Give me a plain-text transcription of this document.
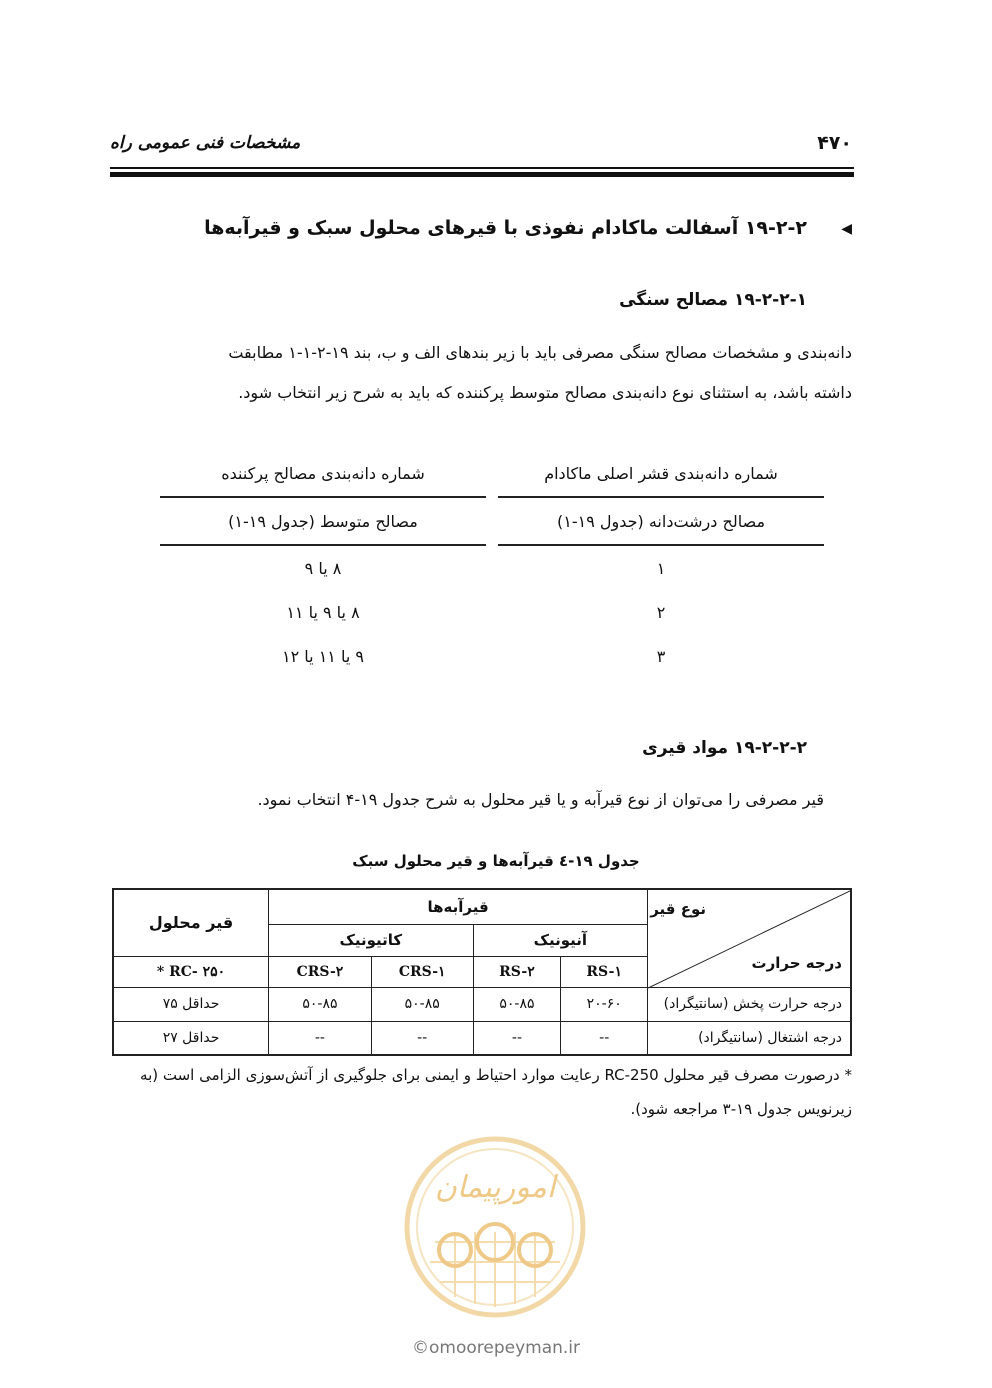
مشخصات فنی عمومی راه	۴۷۰
◀
۱۹-۲-۲ آسفالت ماکادام نفوذی با قیرهای محلول سبک و قیرآبه‌ها
۱۹-۲-۲-۱ مصالح سنگی
دانه‌بندی و مشخصات مصالح سنگی مصرفی باید با زیر بندهای الف و ب، بند ۱۹-۲-۱-۱ مطابقت
داشته باشد، به استثنای نوع دانه‌بندی مصالح متوسط پرکننده که باید به شرح زیر انتخاب شود.
شماره دانه‌بندی قشر اصلی ماکادام	شماره دانه‌بندی مصالح پرکننده
مصالح درشت‌دانه (جدول ۱۹-۱)	مصالح متوسط (جدول ۱۹-۱)
۱	۸ یا ۹
۲	۸ یا ۹ یا ۱۱
۳	۹ یا ۱۱ یا ۱۲
۱۹-۲-۲-۲ مواد قیری
قیر مصرفی را می‌توان از نوع قیرآبه و یا قیر محلول به شرح جدول ۱۹-۴ انتخاب نمود.
جدول ۱۹-٤ قیرآبه‌ها و قیر محلول سبک
نوع قیر
درجه حرارت	قیرآبه‌ها				قیر محلول
	آنیونیک		کاتیونیک		
	RS-۱	RS-۲	CRS-۱	CRS-۲	RC- ۲۵۰ *
درجه حرارت پخش (سانتیگراد)	۲۰-۶۰	۵۰-۸۵	۵۰-۸۵	۵۰-۸۵	حداقل ۷۵
درجه اشتغال (سانتیگراد)	--	--	--	--	حداقل ۲۷
* درصورت مصرف قیر محلول RC-250 رعایت موارد احتیاط و ایمنی برای جلوگیری از آتش‌سوزی الزامی است (به
زیرنویس جدول ۱۹-۳ مراجعه شود).
امورپیمان
©omoorepeyman.ir
